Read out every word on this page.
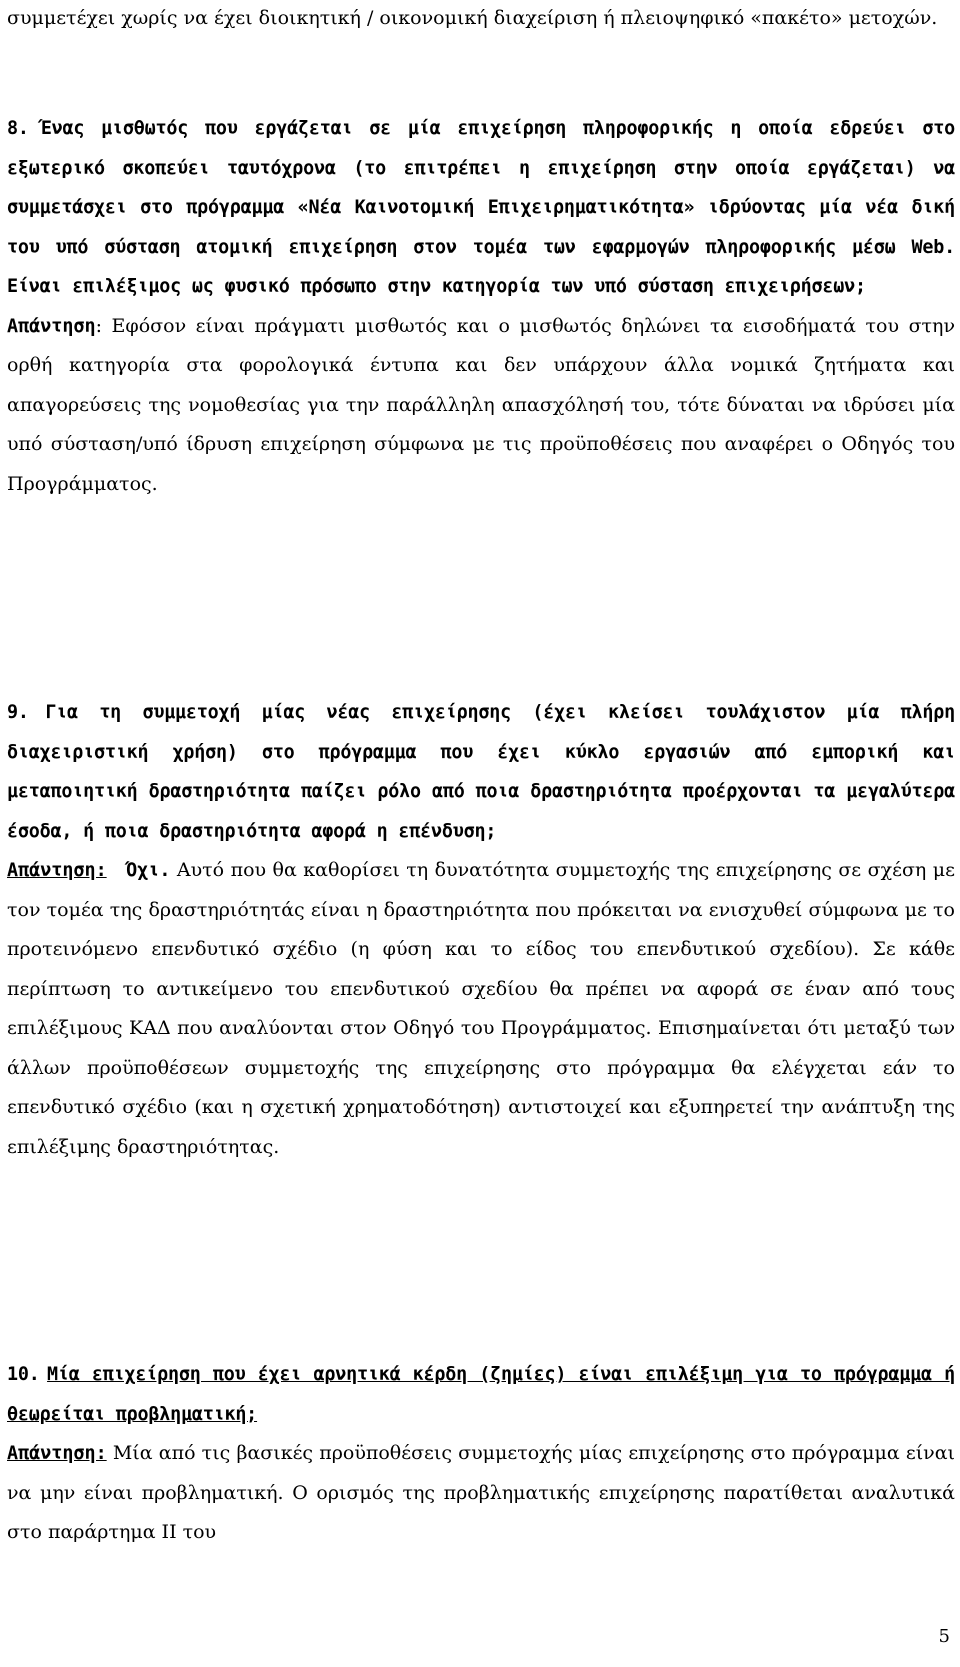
συμμετέχει χωρίς να έχει διοικητική / οικονομική διαχείριση ή πλειοψηφικό «πακέτο» μετοχών.

8. Ένας μισθωτός που εργάζεται σε μία επιχείρηση πληροφορικής η οποία εδρεύει στο εξωτερικό σκοπεύει ταυτόχρονα (το επιτρέπει η επιχείρηση στην οποία εργάζεται) να συμμετάσχει στο πρόγραμμα «Νέα Καινοτομική Επιχειρηματικότητα» ιδρύοντας μία νέα δική του υπό σύσταση ατομική επιχείρηση στον τομέα των εφαρμογών πληροφορικής μέσω Web. Είναι επιλέξιμος ως φυσικό πρόσωπο στην κατηγορία των υπό σύσταση επιχειρήσεων;

Απάντηση: Εφόσον είναι πράγματι μισθωτός και ο μισθωτός δηλώνει τα εισοδήματά του στην ορθή κατηγορία στα φορολογικά έντυπα και δεν υπάρχουν άλλα νομικά ζητήματα και απαγορεύσεις της νομοθεσίας για την παράλληλη απασχόλησή του, τότε δύναται να ιδρύσει μία υπό σύσταση/υπό ίδρυση επιχείρηση σύμφωνα με τις προϋποθέσεις που αναφέρει ο Οδηγός του Προγράμματος.

9. Για τη συμμετοχή μίας νέας επιχείρησης (έχει κλείσει τουλάχιστον μία πλήρη διαχειριστική χρήση) στο πρόγραμμα που έχει κύκλο εργασιών από εμπορική και μεταποιητική δραστηριότητα παίζει ρόλο από ποια δραστηριότητα προέρχονται τα μεγαλύτερα έσοδα, ή ποια δραστηριότητα αφορά η επένδυση;

Απάντηση: Όχι. Αυτό που θα καθορίσει τη δυνατότητα συμμετοχής της επιχείρησης σε σχέση με τον τομέα της δραστηριότητάς είναι η δραστηριότητα που πρόκειται να ενισχυθεί σύμφωνα με το προτεινόμενο επενδυτικό σχέδιο (η φύση και το είδος του επενδυτικού σχεδίου). Σε κάθε περίπτωση το αντικείμενο του επενδυτικού σχεδίου θα πρέπει να αφορά σε έναν από τους επιλέξιμους ΚΑΔ που αναλύονται στον Οδηγό του Προγράμματος. Επισημαίνεται ότι μεταξύ των άλλων προϋποθέσεων συμμετοχής της επιχείρησης στο πρόγραμμα θα ελέγχεται εάν το επενδυτικό σχέδιο (και η σχετική χρηματοδότηση) αντιστοιχεί και εξυπηρετεί την ανάπτυξη της επιλέξιμης δραστηριότητας.

10. Μία επιχείρηση που έχει αρνητικά κέρδη (ζημίες) είναι επιλέξιμη για το πρόγραμμα ή θεωρείται προβληματική;

Απάντηση: Μία από τις βασικές προϋποθέσεις συμμετοχής μίας επιχείρησης στο πρόγραμμα είναι να μην είναι προβληματική. Ο ορισμός της προβληματικής επιχείρησης παρατίθεται αναλυτικά στο παράρτημα ΙΙ του

5
